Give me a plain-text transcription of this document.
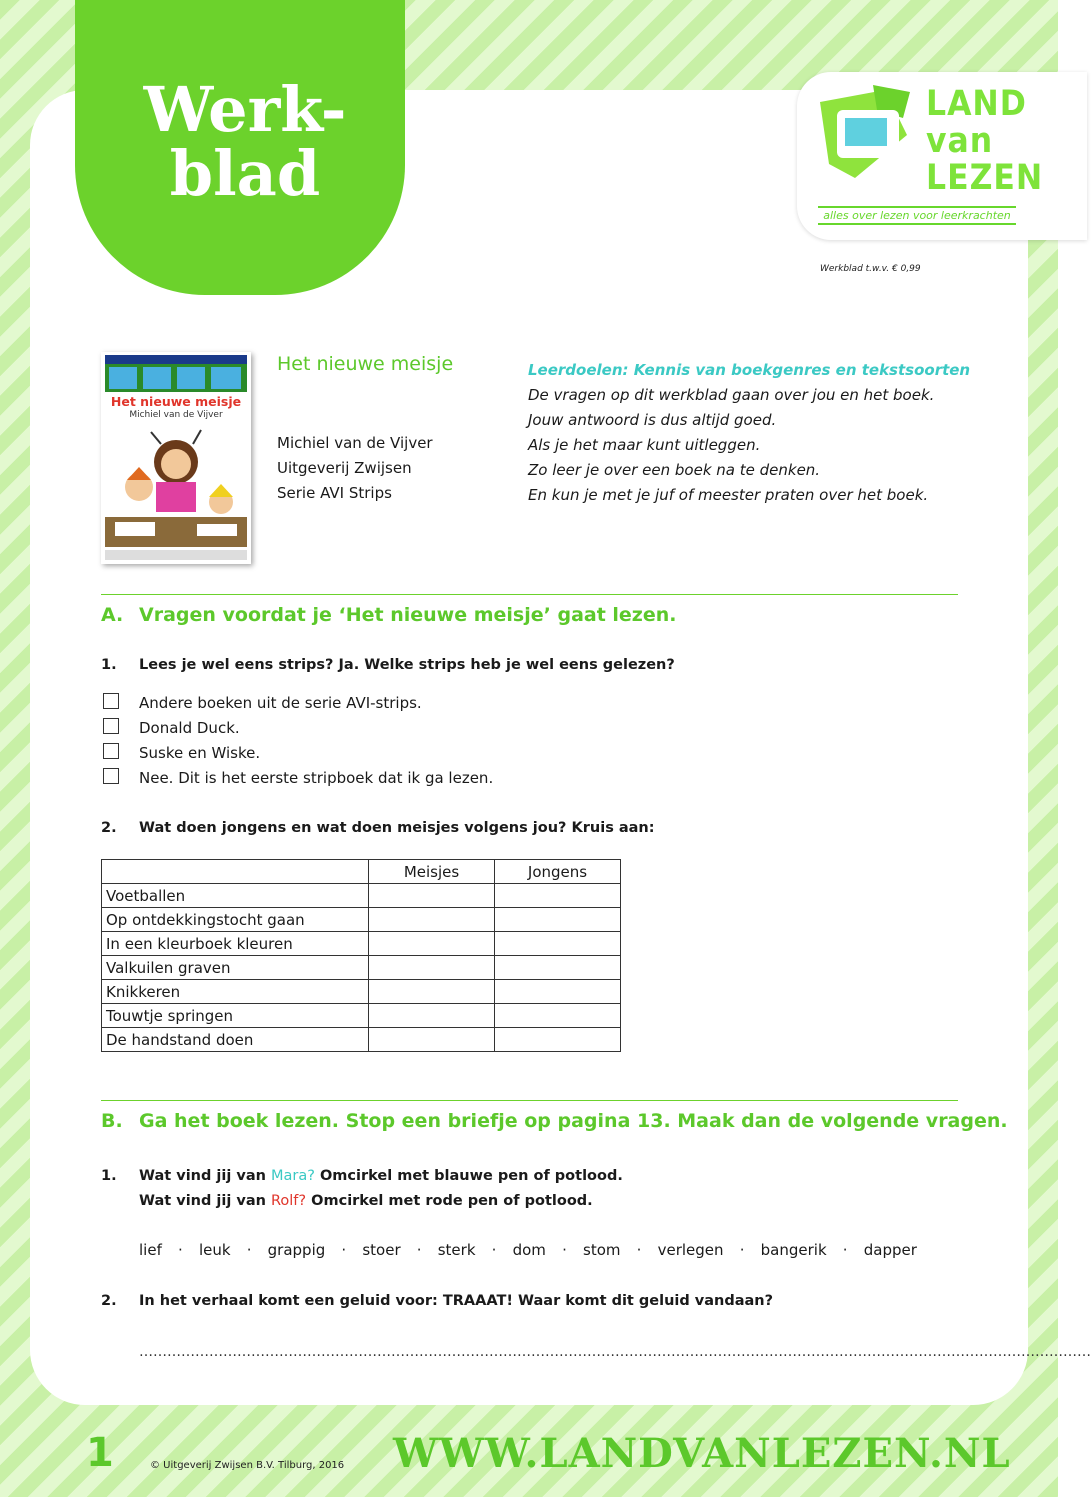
Werk-
blad
LAND
van
LEZEN
alles over lezen voor leerkrachten
Werkblad t.w.v. € 0,99
Het nieuwe meisje
Michiel van de Vijver
Het nieuwe meisje
Michiel van de Vijver
Uitgeverij Zwijsen
Serie AVI Strips
Leerdoelen: Kennis van boekgenres en tekstsoorten
De vragen op dit werkblad gaan over jou en het boek.
Jouw antwoord is dus altijd goed.
Als je het maar kunt uitleggen.
Zo leer je over een boek na te denken.
En kun je met je juf of meester praten over het boek.
A. Vragen voordat je ‘Het nieuwe meisje’ gaat lezen.
1. Lees je wel eens strips? Ja. Welke strips heb je wel eens gelezen?
Andere boeken uit de serie AVI-strips.
Donald Duck.
Suske en Wiske.
Nee. Dit is het eerste stripboek dat ik ga lezen.
2. Wat doen jongens en wat doen meisjes volgens jou? Kruis aan:
	Meisjes	Jongens
Voetballen		
Op ontdekkingstocht gaan		
In een kleurboek kleuren		
Valkuilen graven		
Knikkeren		
Touwtje springen		
De handstand doen		
B. Ga het boek lezen. Stop een briefje op pagina 13. Maak dan de volgende vragen.
1. Wat vind jij van Mara? Omcirkel met blauwe pen of potlood.
Wat vind jij van Rolf? Omcirkel met rode pen of potlood.
lief · leuk · grappig · stoer · sterk · dom · stom · verlegen · bangerik · dapper
2. In het verhaal komt een geluid voor: TRAAAT! Waar komt dit geluid vandaan?
……………………………………………………………………………………………………………………………………………………………………………………
1	© Uitgeverij Zwijsen B.V. Tilburg, 2016 WWW.LANDVANLEZEN.NL
